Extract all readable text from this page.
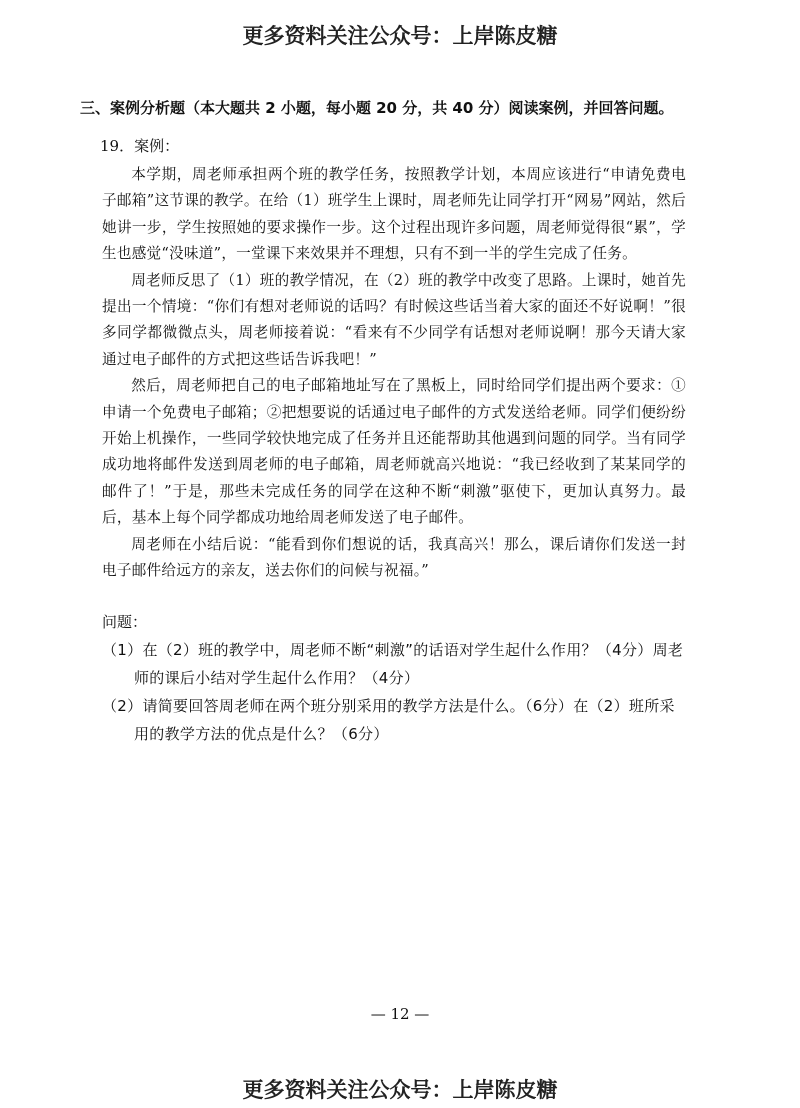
更多资料关注公众号：上岸陈皮糖
三、案例分析题（本大题共 2 小题，每小题 20 分，共 40 分）阅读案例，并回答问题。
19．案例：

本学期，周老师承担两个班的教学任务，按照教学计划，本周应该进行“申请免费电子邮箱”这节课的教学。在给（1）班学生上课时，周老师先让同学打开“网易”网站，然后她讲一步，学生按照她的要求操作一步。这个过程出现许多问题，周老师觉得很“累”，学生也感觉“没味道”，一堂课下来效果并不理想，只有不到一半的学生完成了任务。

周老师反思了（1）班的教学情况，在（2）班的教学中改变了思路。上课时，她首先提出一个情境：“你们有想对老师说的话吗？有时候这些话当着大家的面还不好说啊！”很多同学都微微点头，周老师接着说：“看来有不少同学有话想对老师说啊！那今天请大家通过电子邮件的方式把这些话告诉我吧！”

然后，周老师把自己的电子邮箱地址写在了黑板上，同时给同学们提出两个要求：①申请一个免费电子邮箱；②把想要说的话通过电子邮件的方式发送给老师。同学们便纷纷开始上机操作，一些同学较快地完成了任务并且还能帮助其他遇到问题的同学。当有同学成功地将邮件发送到周老师的电子邮箱，周老师就高兴地说：“我已经收到了某某同学的邮件了！”于是，那些未完成任务的同学在这种不断“刺激”驱使下，更加认真努力。最后，基本上每个同学都成功地给周老师发送了电子邮件。

周老师在小结后说：“能看到你们想说的话，我真高兴！那么，课后请你们发送一封电子邮件给远方的亲友，送去你们的问候与祝福。”

问题：
（1）在（2）班的教学中，周老师不断“刺激”的话语对学生起什么作用？（4分）周老师的课后小结对学生起什么作用？（4分）
（2）请简要回答周老师在两个班分别采用的教学方法是什么。（6分）在（2）班所采用的教学方法的优点是什么？（6分）
— 12 —
更多资料关注公众号：上岸陈皮糖
